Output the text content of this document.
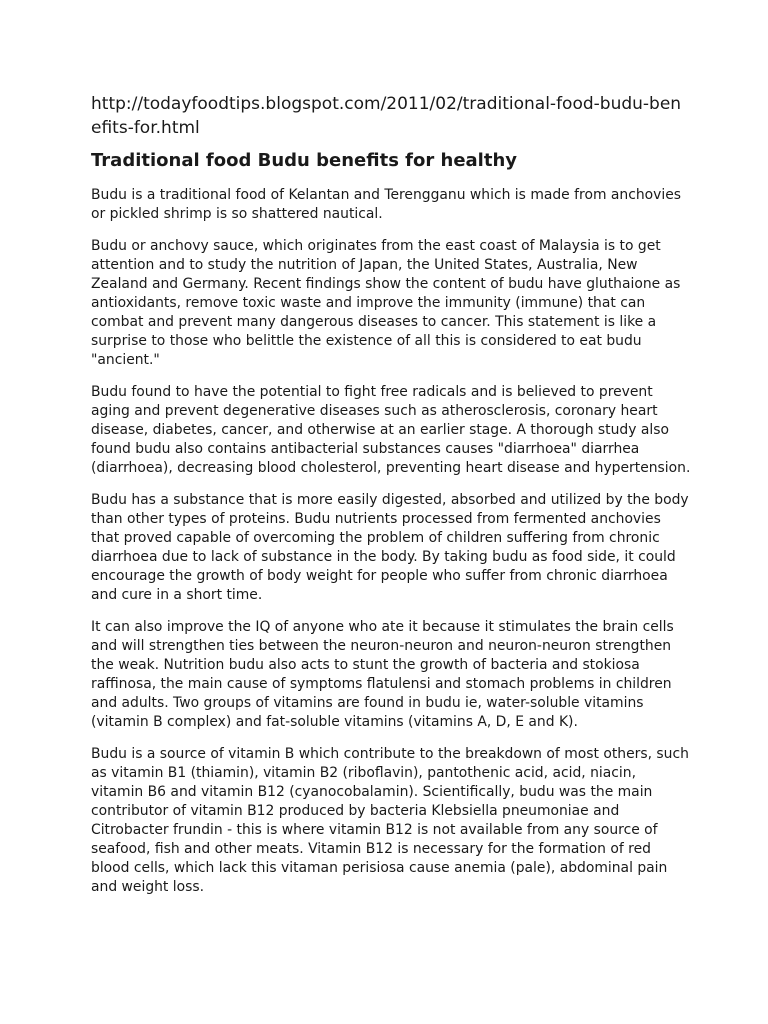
http://todayfoodtips.blogspot.com/2011/02/traditional-food-budu-benefits-for.html
Traditional food Budu benefits for healthy

Budu is a traditional food of Kelantan and Terengganu which is made from anchovies or pickled shrimp is so shattered nautical.

Budu or anchovy sauce, which originates from the east coast of Malaysia is to get attention and to study the nutrition of Japan, the United States, Australia, New Zealand and Germany. Recent findings show the content of budu have gluthaione as antioxidants, remove toxic waste and improve the immunity (immune) that can combat and prevent many dangerous diseases to cancer. This statement is like a surprise to those who belittle the existence of all this is considered to eat budu "ancient."

Budu found to have the potential to fight free radicals and is believed to prevent aging and prevent degenerative diseases such as atherosclerosis, coronary heart disease, diabetes, cancer, and otherwise at an earlier stage. A thorough study also found budu also contains antibacterial substances causes "diarrhoea" diarrhea (diarrhoea), decreasing blood cholesterol, preventing heart disease and hypertension.

Budu has a substance that is more easily digested, absorbed and utilized by the body than other types of proteins. Budu nutrients processed from fermented anchovies that proved capable of overcoming the problem of children suffering from chronic diarrhoea due to lack of substance in the body. By taking budu as food side, it could encourage the growth of body weight for people who suffer from chronic diarrhoea and cure in a short time.

It can also improve the IQ of anyone who ate it because it stimulates the brain cells and will strengthen ties between the neuron-neuron and neuron-neuron strengthen the weak. Nutrition budu also acts to stunt the growth of bacteria and stokiosa raffinosa, the main cause of symptoms flatulensi and stomach problems in children and adults. Two groups of vitamins are found in budu ie, water-soluble vitamins (vitamin B complex) and fat-soluble vitamins (vitamins A, D, E and K).

Budu is a source of vitamin B which contribute to the breakdown of most others, such as vitamin B1 (thiamin), vitamin B2 (riboflavin), pantothenic acid, acid, niacin, vitamin B6 and vitamin B12 (cyanocobalamin). Scientifically, budu was the main contributor of vitamin B12 produced by bacteria Klebsiella pneumoniae and Citrobacter frundin - this is where vitamin B12 is not available from any source of seafood, fish and other meats. Vitamin B12 is necessary for the formation of red blood cells, which lack this vitaman perisiosa cause anemia (pale), abdominal pain and weight loss.
